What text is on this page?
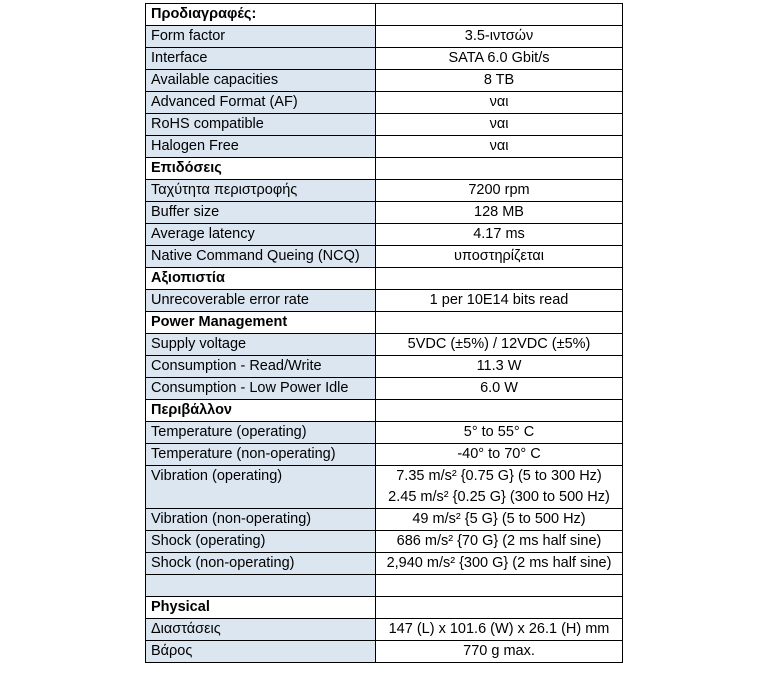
Προδιαγραφές:	
Form factor	3.5-ιντσών
Interface	SATA 6.0 Gbit/s
Available capacities	8 TB
Advanced Format (AF)	ναι
RoHS compatible	ναι
Halogen Free	ναι
Επιδόσεις	
Ταχύτητα περιστροφής	7200 rpm
Buffer size	128 MB
Average latency	4.17 ms
Native Command Queing (NCQ)	υποστηρίζεται
Αξιοπιστία	
Unrecoverable error rate	1 per 10E14 bits read
Power Management	
Supply voltage	5VDC (±5%) / 12VDC (±5%)
Consumption - Read/Write	11.3 W
Consumption - Low Power Idle	6.0 W
Περιβάλλον	
Temperature (operating)	5° to 55° C
Temperature (non-operating)	-40° to 70° C
Vibration (operating)	7.35 m/s² {0.75 G} (5 to 300 Hz)
2.45 m/s² {0.25 G} (300 to 500 Hz)

Vibration (non-operating)	49 m/s² {5 G} (5 to 500 Hz)
Shock (operating)	686 m/s² {70 G} (2 ms half sine)
Shock (non-operating)	2,940 m/s² {300 G} (2 ms half sine)

Physical	
Διαστάσεις	147 (L) x 101.6 (W) x 26.1 (H) mm
Βάρος	770 g max.
